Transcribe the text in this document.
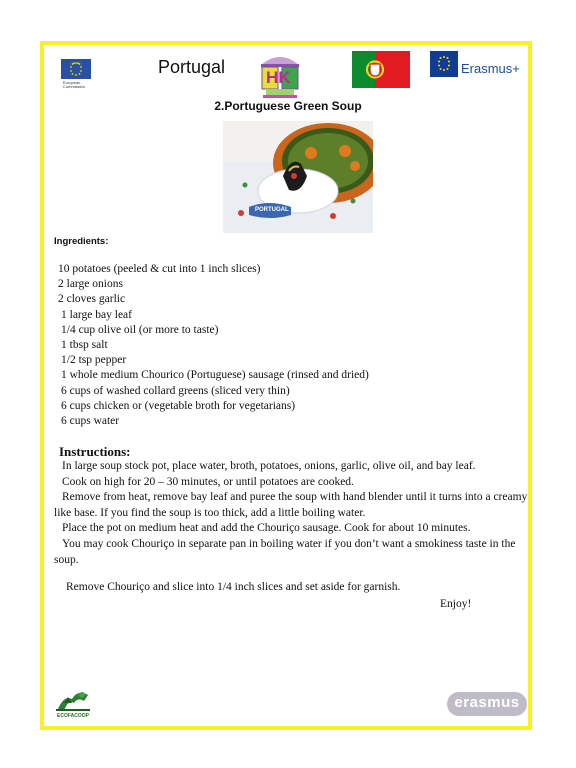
European
Commission
Portugal
HK	Erasmus+
2.Portuguese Green Soup
PORTUGAL
Ingredients:
10 potatoes (peeled & cut into 1 inch slices)
2 large onions
2 cloves garlic
1 large bay leaf
1/4 cup olive oil (or more to taste)
1 tbsp salt
1/2 tsp pepper
1 whole medium Chourico (Portuguese) sausage (rinsed and dried)
6 cups of washed collard greens (sliced very thin)
6 cups chicken or (vegetable broth for vegetarians)
6 cups water
Instructions:
In large soup stock pot, place water, broth, potatoes, onions, garlic, olive oil, and bay leaf.
Cook on high for 20 – 30 minutes, or until potatoes are cooked.
Remove from heat, remove bay leaf and puree the soup with hand blender until it turns into a creamy like base. If you find the soup is too thick, add a little boiling water.
Place the pot on medium heat and add the Chouriço sausage. Cook for about 10 minutes.
You may cook Chouriço in separate pan in boiling water if you don’t want a smokiness taste in the soup.
Remove Chouriço and slice into 1/4 inch slices and set aside for garnish.
Enjoy!
ECOFACOOP
erasmus
